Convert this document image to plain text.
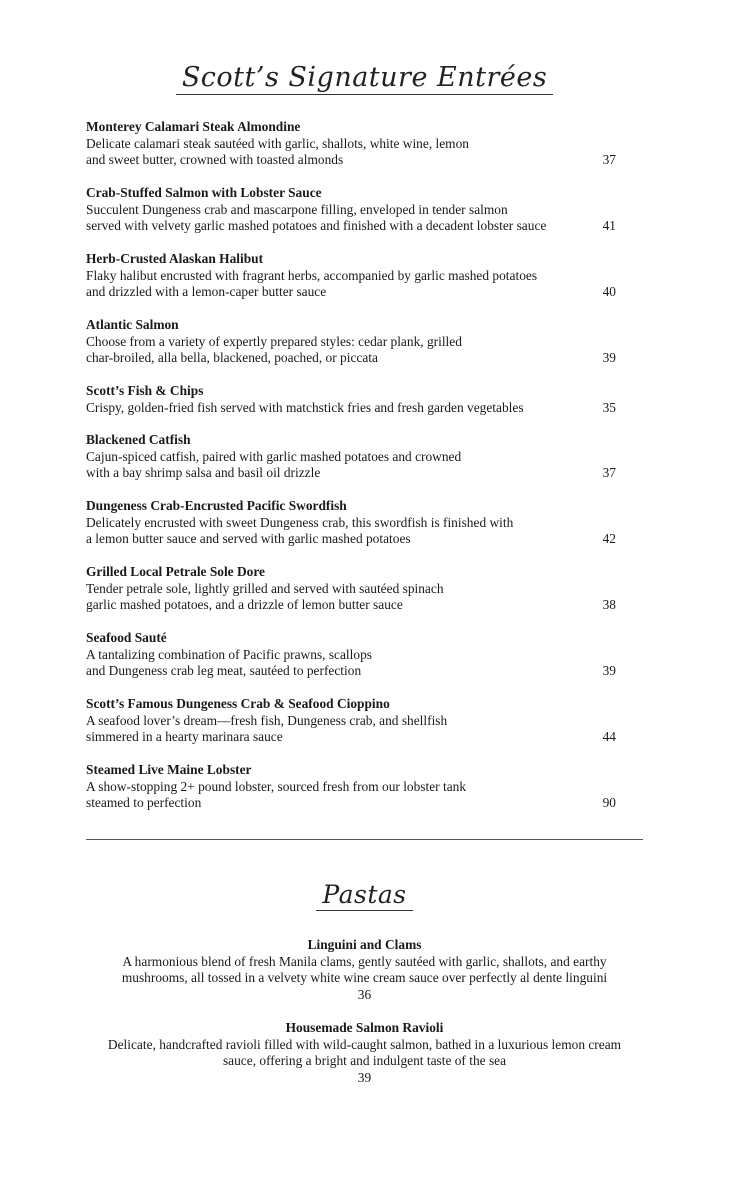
Scott’s Signature Entrées
Monterey Calamari Steak Almondine
Delicate calamari steak sautéed with garlic, shallots, white wine, lemon
and sweet butter, crowned with toasted almonds	37
Crab-Stuffed Salmon with Lobster Sauce
Succulent Dungeness crab and mascarpone filling, enveloped in tender salmon
served with velvety garlic mashed potatoes and finished with a decadent lobster sauce	41
Herb-Crusted Alaskan Halibut
Flaky halibut encrusted with fragrant herbs, accompanied by garlic mashed potatoes
and drizzled with a lemon-caper butter sauce	40
Atlantic Salmon
Choose from a variety of expertly prepared styles: cedar plank, grilled
char-broiled, alla bella, blackened, poached, or piccata	39
Scott’s Fish & Chips
Crispy, golden-fried fish served with matchstick fries and fresh garden vegetables	35
Blackened Catfish
Cajun-spiced catfish, paired with garlic mashed potatoes and crowned
with a bay shrimp salsa and basil oil drizzle	37
Dungeness Crab-Encrusted Pacific Swordfish
Delicately encrusted with sweet Dungeness crab, this swordfish is finished with
a lemon butter sauce and served with garlic mashed potatoes	42
Grilled Local Petrale Sole Dore
Tender petrale sole, lightly grilled and served with sautéed spinach
garlic mashed potatoes, and a drizzle of lemon butter sauce	38
Seafood Sauté
A tantalizing combination of Pacific prawns, scallops
and Dungeness crab leg meat, sautéed to perfection	39
Scott’s Famous Dungeness Crab & Seafood Cioppino
A seafood lover’s dream—fresh fish, Dungeness crab, and shellfish
simmered in a hearty marinara sauce	44
Steamed Live Maine Lobster
A show-stopping 2+ pound lobster, sourced fresh from our lobster tank
steamed to perfection	90
Pastas
Linguini and Clams
A harmonious blend of fresh Manila clams, gently sautéed with garlic, shallots, and earthy
mushrooms, all tossed in a velvety white wine cream sauce over perfectly al dente linguini
36
Housemade Salmon Ravioli
Delicate, handcrafted ravioli filled with wild-caught salmon, bathed in a luxurious lemon cream
sauce, offering a bright and indulgent taste of the sea
39
